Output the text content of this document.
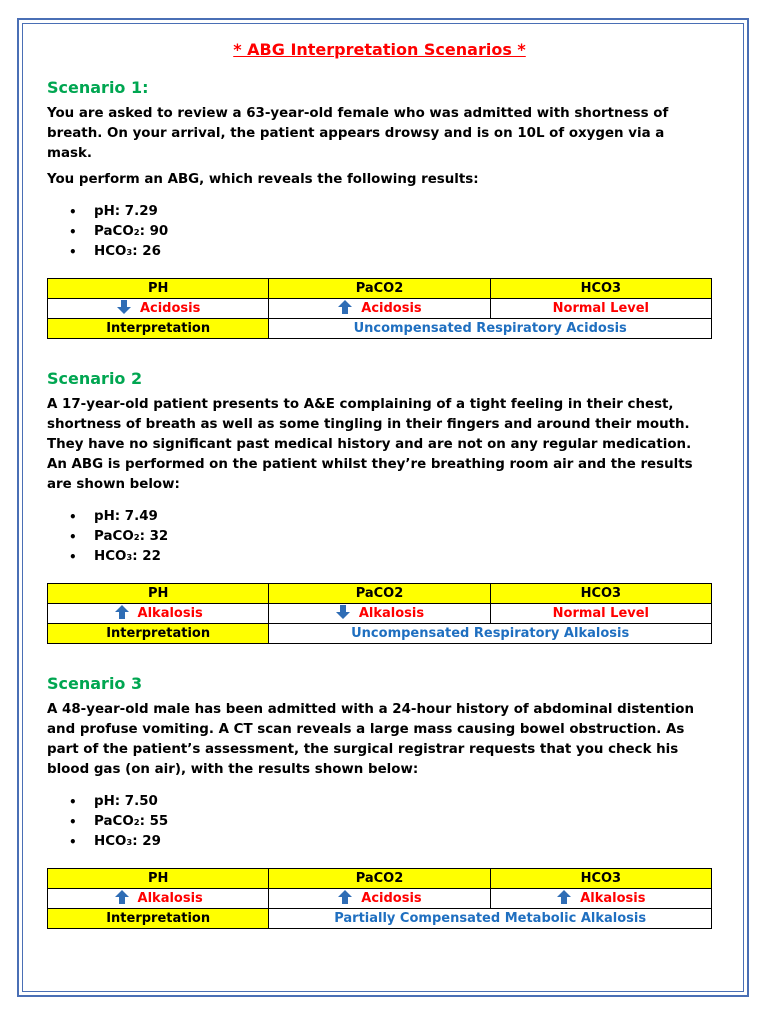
* ABG Interpretation Scenarios *
Scenario 1:

You are asked to review a 63-year-old female who was admitted with shortness of breath. On your arrival, the patient appears drowsy and is on 10L of oxygen via a mask.

You perform an ABG, which reveals the following results:

• pH: 7.29
• PaCO₂: 90
• HCO₃: 26
PH	PaCO2	HCO3
Acidosis	Acidosis	Normal Level
Interpretation	Uncompensated Respiratory Acidosis	
Scenario 2

A 17-year-old patient presents to A&E complaining of a tight feeling in their chest, shortness of breath as well as some tingling in their fingers and around their mouth. They have no significant past medical history and are not on any regular medication. An ABG is performed on the patient whilst they’re breathing room air and the results are shown below:

• pH: 7.49
• PaCO₂: 32
• HCO₃: 22
PH	PaCO2	HCO3
Alkalosis	Alkalosis	Normal Level
Interpretation	Uncompensated Respiratory Alkalosis	
Scenario 3

A 48-year-old male has been admitted with a 24-hour history of abdominal distention and profuse vomiting. A CT scan reveals a large mass causing bowel obstruction. As part of the patient’s assessment, the surgical registrar requests that you check his blood gas (on air), with the results shown below:

• pH: 7.50
• PaCO₂: 55
• HCO₃: 29
PH	PaCO2	HCO3
Alkalosis	Acidosis	Alkalosis
Interpretation	Partially Compensated Metabolic Alkalosis	
